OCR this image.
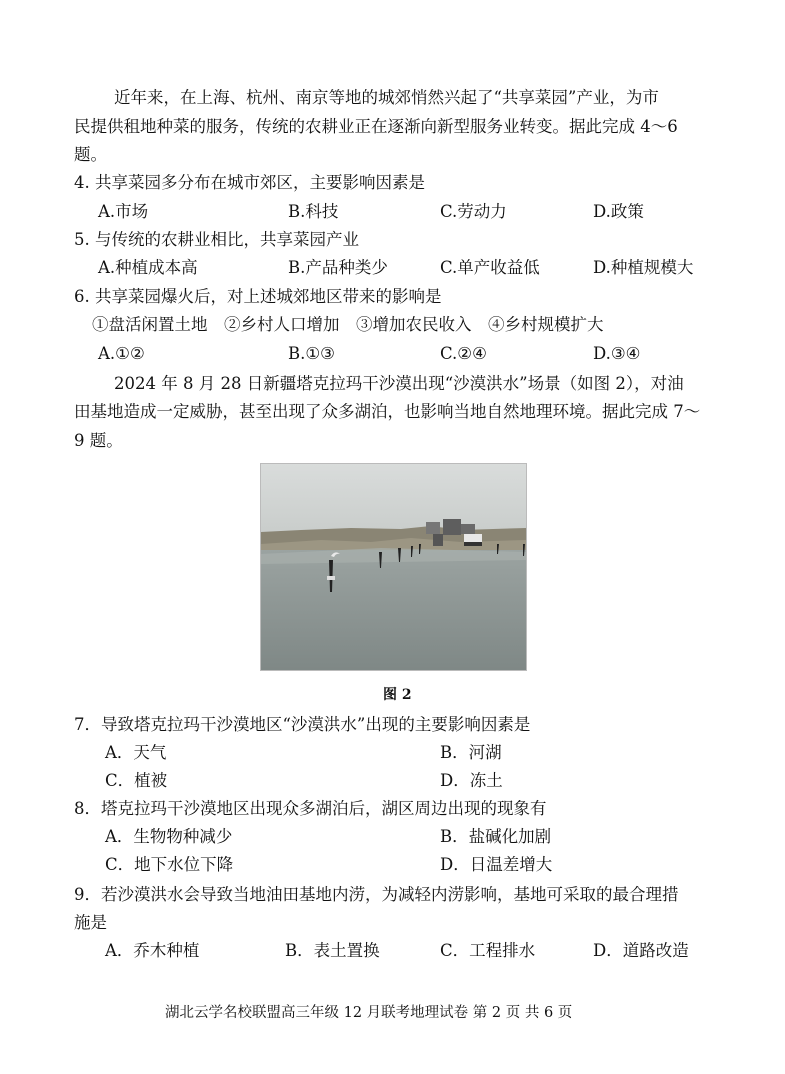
近年来，在上海、杭州、南京等地的城郊悄然兴起了“共享菜园”产业，为市
民提供租地种菜的服务，传统的农耕业正在逐渐向新型服务业转变。据此完成 4～6
题。
4. 共享菜园多分布在城市郊区，主要影响因素是
A.市场	B.科技	C.劳动力	D.政策
5. 与传统的农耕业相比，共享菜园产业
A.种植成本高	B.产品种类少	C.单产收益低	D.种植规模大
6. 共享菜园爆火后，对上述城郊地区带来的影响是
①盘活闲置土地　②乡村人口增加　③增加农民收入　④乡村规模扩大
A.①②	B.①③	C.②④	D.③④
2024 年 8 月 28 日新疆塔克拉玛干沙漠出现“沙漠洪水”场景（如图 2），对油
田基地造成一定威胁，甚至出现了众多湖泊，也影响当地自然地理环境。据此完成 7～
9 题。
图 2
7．导致塔克拉玛干沙漠地区“沙漠洪水”出现的主要影响因素是
A．天气	B．河湖
C．植被	D．冻土
8．塔克拉玛干沙漠地区出现众多湖泊后，湖区周边出现的现象有
A．生物物种减少	B．盐碱化加剧
C．地下水位下降	D．日温差增大
9．若沙漠洪水会导致当地油田基地内涝，为减轻内涝影响，基地可采取的最合理措
施是
A．乔木种植	B．表土置换	C．工程排水	D．道路改造
湖北云学名校联盟高三年级 12 月联考地理试卷 第 2 页 共 6 页
